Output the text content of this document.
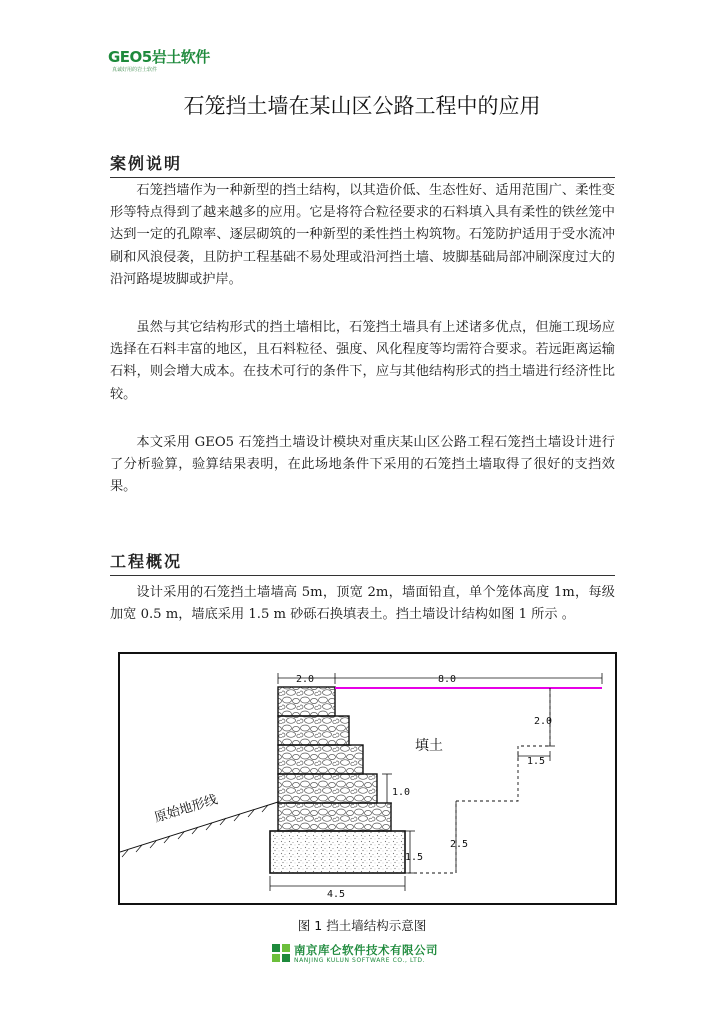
GEO5岩土软件
真诚好用的岩土软件
石笼挡土墙在某山区公路工程中的应用
案例说明

石笼挡墙作为一种新型的挡土结构，以其造价低、生态性好、适用范围广、柔性变形等特点得到了越来越多的应用。它是将符合粒径要求的石料填入具有柔性的铁丝笼中达到一定的孔隙率、逐层砌筑的一种新型的柔性挡土构筑物。石笼防护适用于受水流冲刷和风浪侵袭，且防护工程基础不易处理或沿河挡土墙、坡脚基础局部冲刷深度过大的沿河路堤坡脚或护岸。

虽然与其它结构形式的挡土墙相比，石笼挡土墙具有上述诸多优点，但施工现场应选择在石料丰富的地区，且石料粒径、强度、风化程度等均需符合要求。若远距离运输石料，则会增大成本。在技术可行的条件下，应与其他结构形式的挡土墙进行经济性比较。

本文采用 GEO5 石笼挡土墙设计模块对重庆某山区公路工程石笼挡土墙设计进行了分析验算，验算结果表明，在此场地条件下采用的石笼挡土墙取得了很好的支挡效果。

工程概况

设计采用的石笼挡土墙墙高 5m，顶宽 2m，墙面铅直，单个笼体高度 1m，每级加宽 0.5 m，墙底采用 1.5 m 砂砾石换填表土。挡土墙设计结构如图 1 所示 。

2.0	8.0
2.0
1.5
1.0
2.5
1.5
4.5
填土
原始地形线

图 1 挡土墙结构示意图

南京库仑软件技术有限公司
NANJING KULUN SOFTWARE CO., LTD.
